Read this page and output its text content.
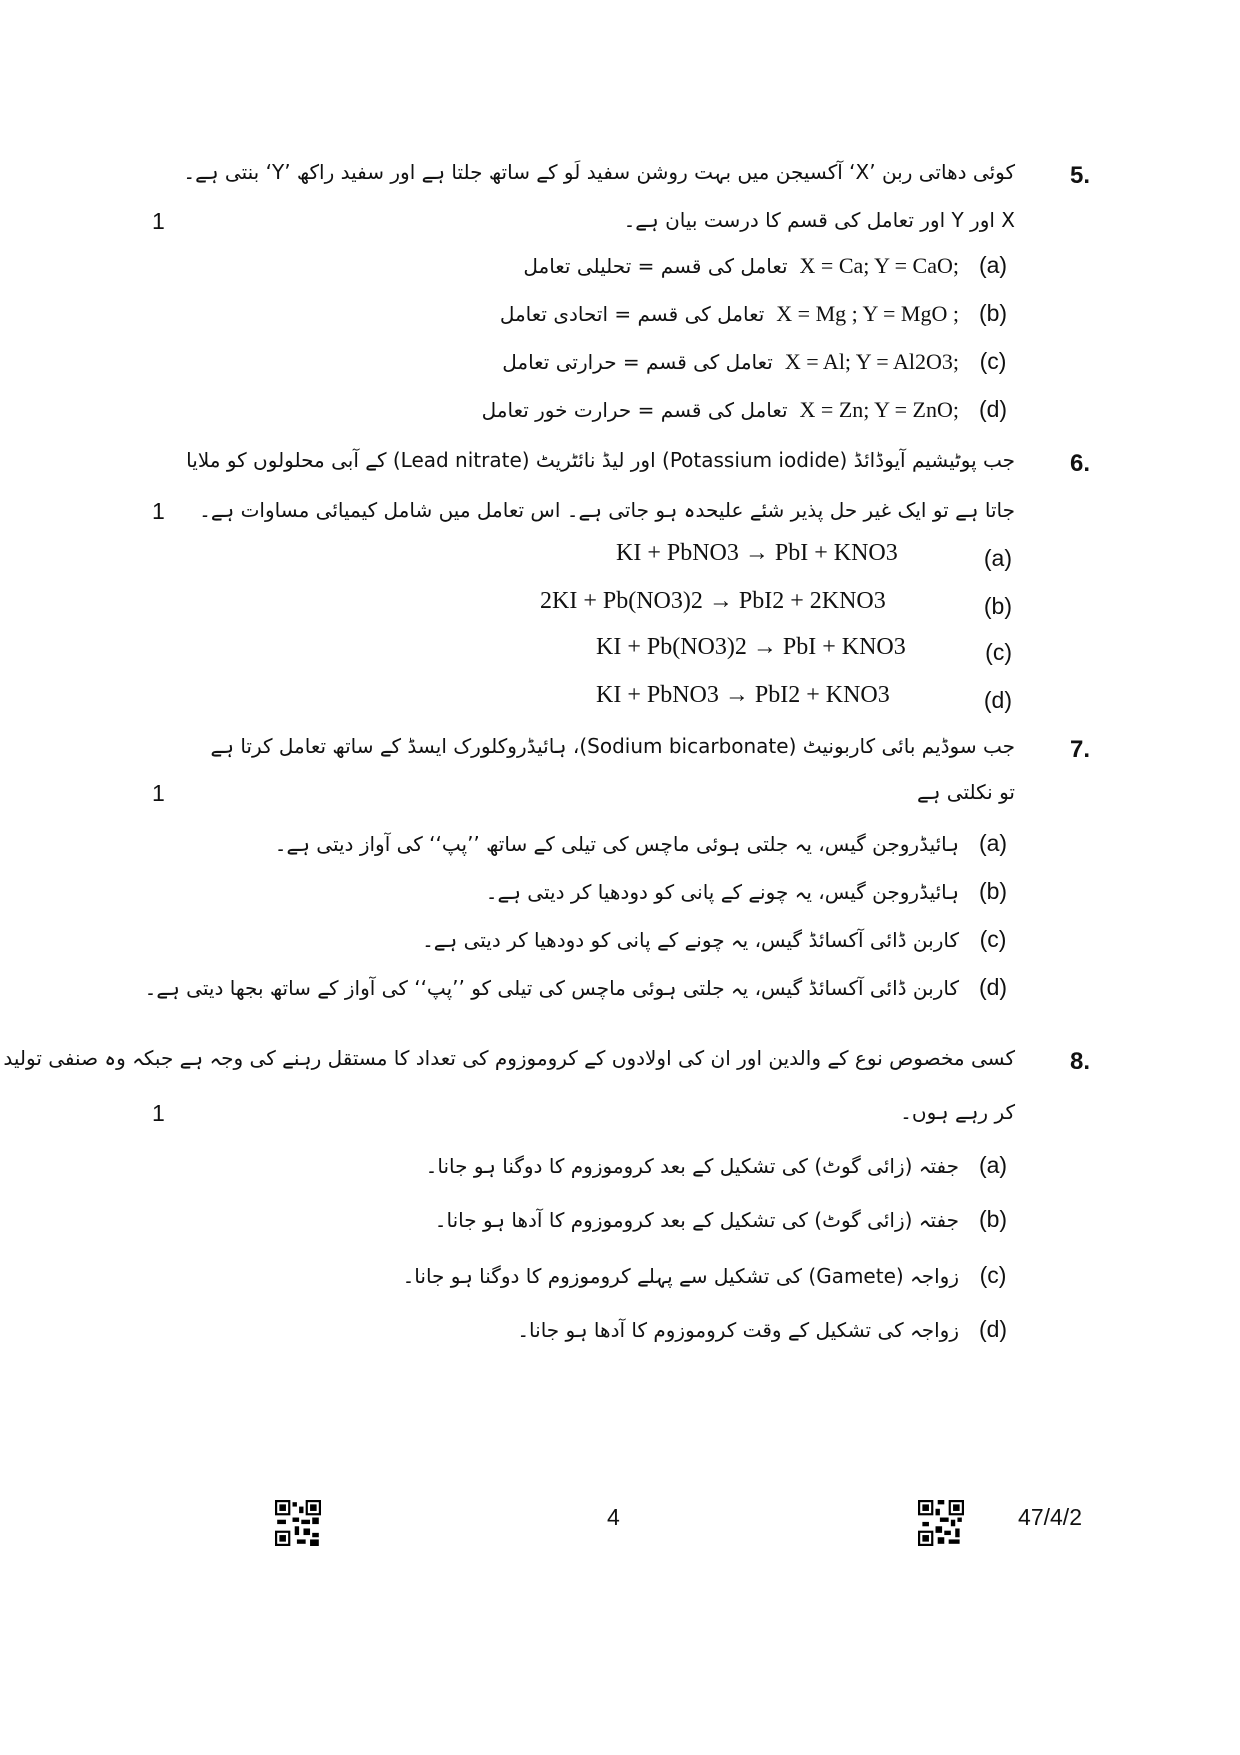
5.
کوئی دھاتی ربن ’X‘ آکسیجن میں بہت روشن سفید لَو کے ساتھ جلتا ہے اور سفید راکھ ’Y‘ بنتی ہے۔
1	X اور Y اور تعامل کی قسم کا درست بیان ہے۔
(a)
X = Ca; Y = CaO;
تعامل کی قسم = تحلیلی تعامل
(b)
X = Mg ; Y = MgO ;
تعامل کی قسم = اتحادی تعامل
(c)
X = Al; Y = Al2O3;
تعامل کی قسم = حرارتی تعامل
(d)
X = Zn; Y = ZnO;
تعامل کی قسم = حرارت خور تعامل
6.
جب پوٹیشیم آیوڈائڈ (Potassium iodide) اور لیڈ نائٹریٹ (Lead nitrate) کے آبی محلولوں کو ملایا
1	جاتا ہے تو ایک غیر حل پذیر شئے علیحدہ ہو جاتی ہے۔ اس تعامل میں شامل کیمیائی مساوات ہے۔
KI + PbNO3 → PbI + KNO3	(a)
2KI + Pb(NO3)2 → PbI2 + 2KNO3	(b)
KI + Pb(NO3)2 → PbI + KNO3	(c)
KI + PbNO3 → PbI2 + KNO3	(d)
7.
جب سوڈیم بائی کاربونیٹ (Sodium bicarbonate)، ہائیڈروکلورک ایسڈ کے ساتھ تعامل کرتا ہے
1	تو نکلتی ہے
(a)
ہائیڈروجن گیس، یہ جلتی ہوئی ماچس کی تیلی کے ساتھ ’’پپ‘‘ کی آواز دیتی ہے۔
(b)
ہائیڈروجن گیس، یہ چونے کے پانی کو دودھیا کر دیتی ہے۔
(c)
کاربن ڈائی آکسائڈ گیس، یہ چونے کے پانی کو دودھیا کر دیتی ہے۔
(d)
کاربن ڈائی آکسائڈ گیس، یہ جلتی ہوئی ماچس کی تیلی کو ’’پپ‘‘ کی آواز کے ساتھ بجھا دیتی ہے۔
8.
کسی مخصوص نوع کے والدین اور ان کی اولادوں کے کروموزوم کی تعداد کا مستقل رہنے کی وجہ ہے جبکہ وہ صنفی تولید
1	کر رہے ہوں۔
(a)
جفتہ (زائی گوٹ) کی تشکیل کے بعد کروموزوم کا دوگنا ہو جانا۔
(b)
جفتہ (زائی گوٹ) کی تشکیل کے بعد کروموزوم کا آدھا ہو جانا۔
(c)
زواجہ (Gamete) کی تشکیل سے پہلے کروموزوم کا دوگنا ہو جانا۔
(d)
زواجہ کی تشکیل کے وقت کروموزوم کا آدھا ہو جانا۔
4	47/4/2
